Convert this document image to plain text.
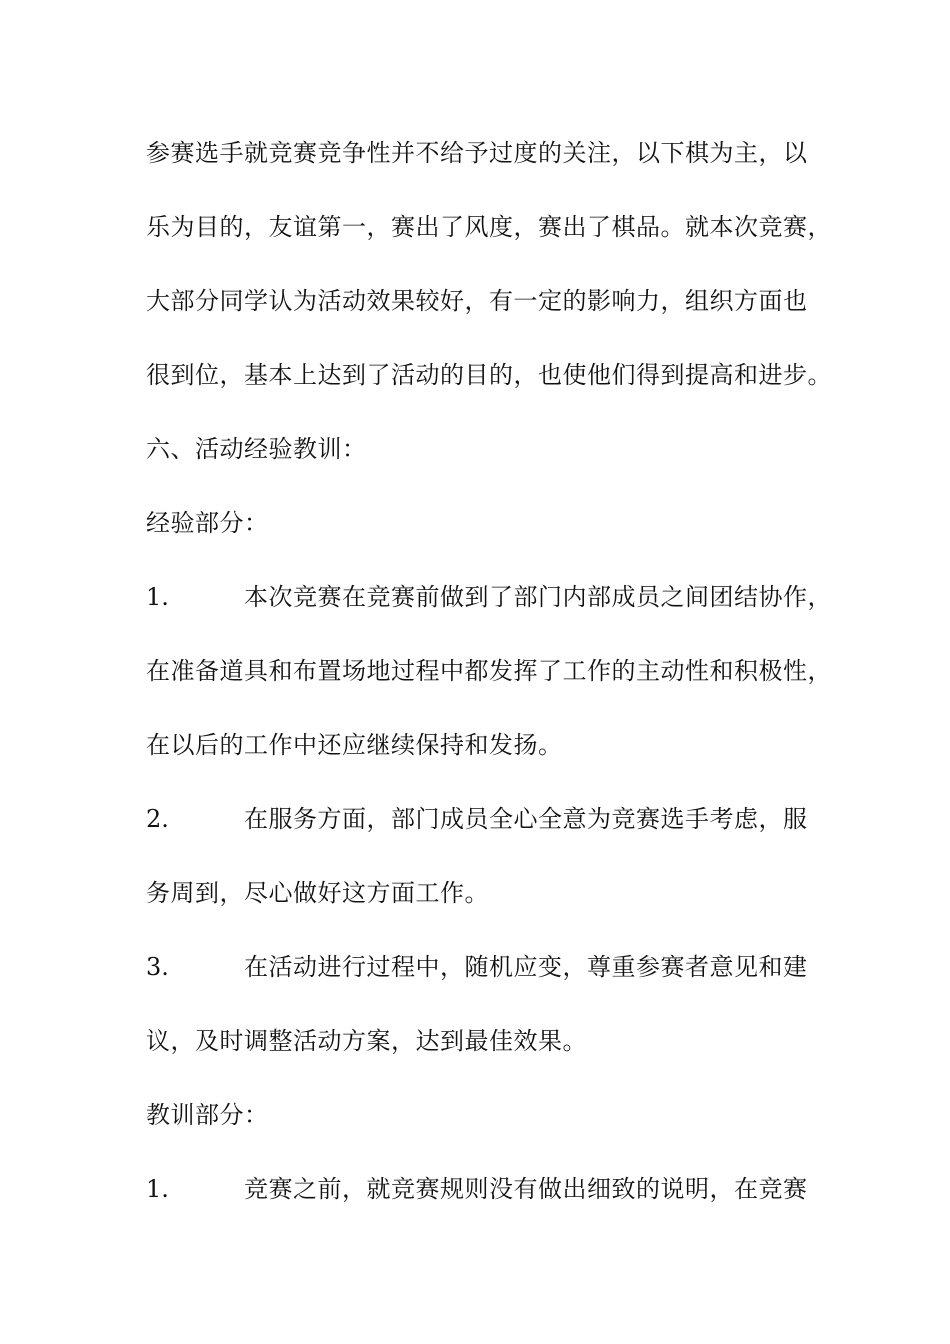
参赛选手就竞赛竞争性并不给予过度的关注，以下棋为主，以
乐为目的，友谊第一，赛出了风度，赛出了棋品。就本次竞赛，
大部分同学认为活动效果较好，有一定的影响力，组织方面也
很到位，基本上达到了活动的目的，也使他们得到提高和进步。
六、活动经验教训：
经验部分：
1.	本次竞赛在竞赛前做到了部门内部成员之间团结协作，
在准备道具和布置场地过程中都发挥了工作的主动性和积极性，
在以后的工作中还应继续保持和发扬。
2.	在服务方面，部门成员全心全意为竞赛选手考虑，服
务周到，尽心做好这方面工作。
3.	在活动进行过程中，随机应变，尊重参赛者意见和建
议，及时调整活动方案，达到最佳效果。
教训部分：
1.	竞赛之前，就竞赛规则没有做出细致的说明，在竞赛
